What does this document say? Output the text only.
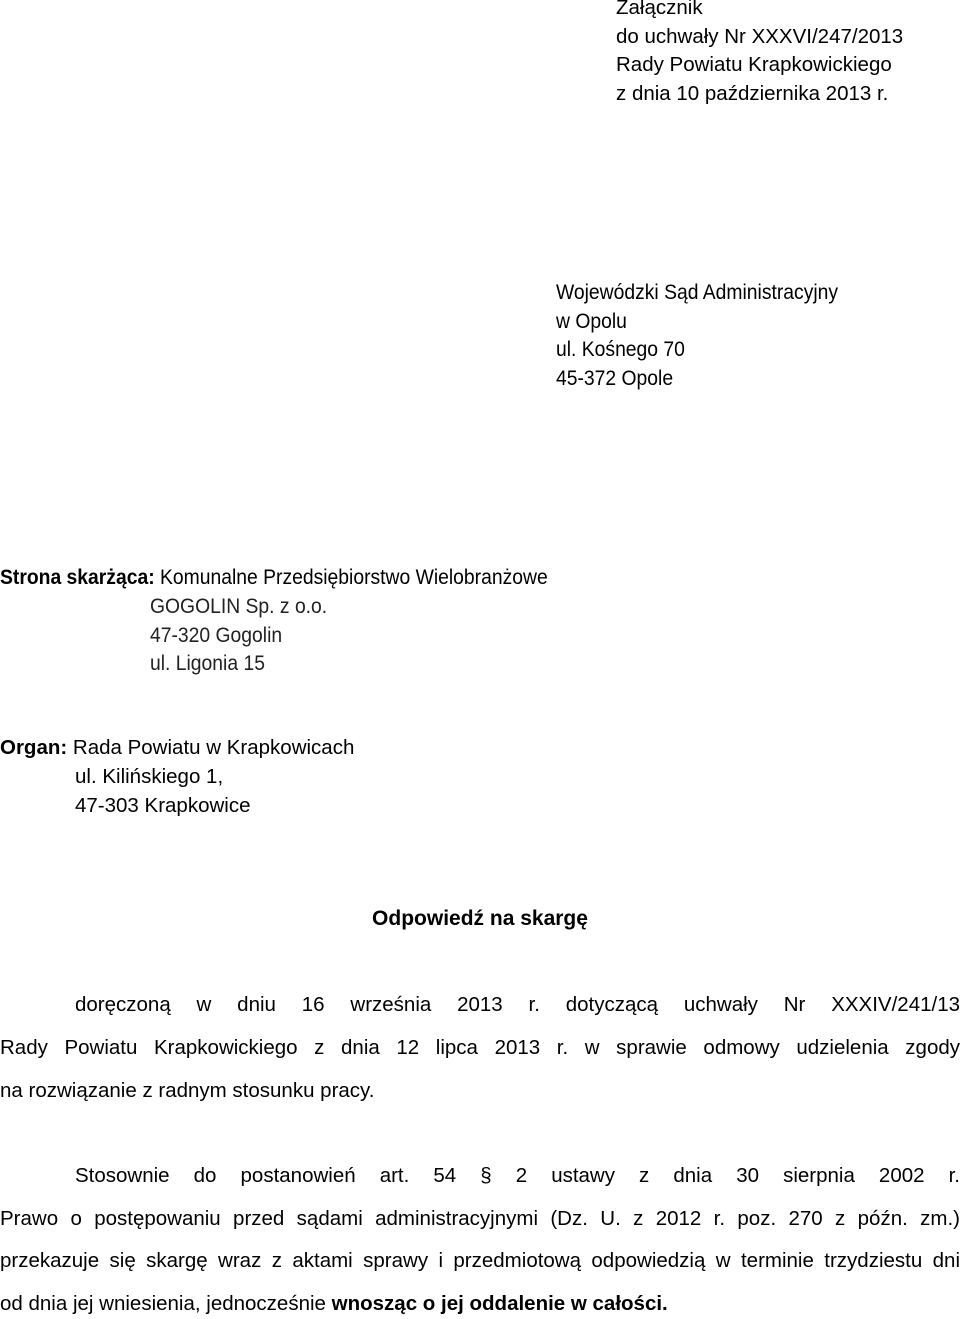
Załącznik
do uchwały Nr XXXVI/247/2013
Rady Powiatu Krapkowickiego
z dnia 10 października 2013 r.
Wojewódzki Sąd Administracyjny
w Opolu
ul. Kośnego 70
45-372 Opole
Strona skarżąca: Komunalne Przedsiębiorstwo Wielobranżowe
GOGOLIN Sp. z o.o.
47-320 Gogolin
ul. Ligonia 15
Organ: Rada Powiatu w Krapkowicach
ul. Kilińskiego 1,
47-303 Krapkowice
Odpowiedź na skargę
doręczoną w dniu 16 września 2013 r. dotyczącą uchwały Nr XXXIV/241/13
Rady Powiatu Krapkowickiego z dnia 12 lipca 2013 r. w sprawie odmowy udzielenia zgody
na rozwiązanie z radnym stosunku pracy.
Stosownie do postanowień art. 54 § 2 ustawy z dnia 30 sierpnia 2002 r.
Prawo o postępowaniu przed sądami administracyjnymi (Dz. U. z 2012 r. poz. 270 z późn. zm.)
przekazuje się skargę wraz z aktami sprawy i przedmiotową odpowiedzią w terminie trzydziestu dni
od dnia jej wniesienia, jednocześnie wnosząc o jej oddalenie w całości.
